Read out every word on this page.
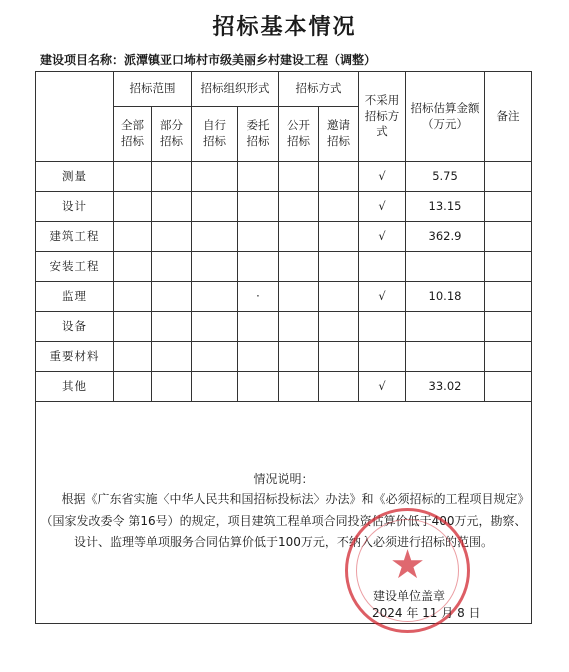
招标基本情况
建设项目名称：派潭镇亚口㘵村市级美丽乡村建设工程（调整）
	招标范围		招标组织形式		招标方式		不采用招标方式	招标估算金额（万元）	备注

	全部招标	部分招标	自行招标	委托招标	公开招标	邀请招标			

测量							√	5.75	
设计							√	13.15	
建筑工程							√	362.9	
安装工程									
监理				·			√	10.18	
设备									
重要材料									
其他							√	33.02	

情况说明：
根据《广东省实施〈中华人民共和国招标投标法〉办法》和《必须招标的工程项目规定》（国家发改委令 第16号）的规定，项目建筑工程单项合同投资估算价低于400万元，勘察、设计、监理等单项服务合同估算价低于100万元，不纳入必须进行招标的范围。									
★
建设单位盖章
2024 年 11 月 8 日
